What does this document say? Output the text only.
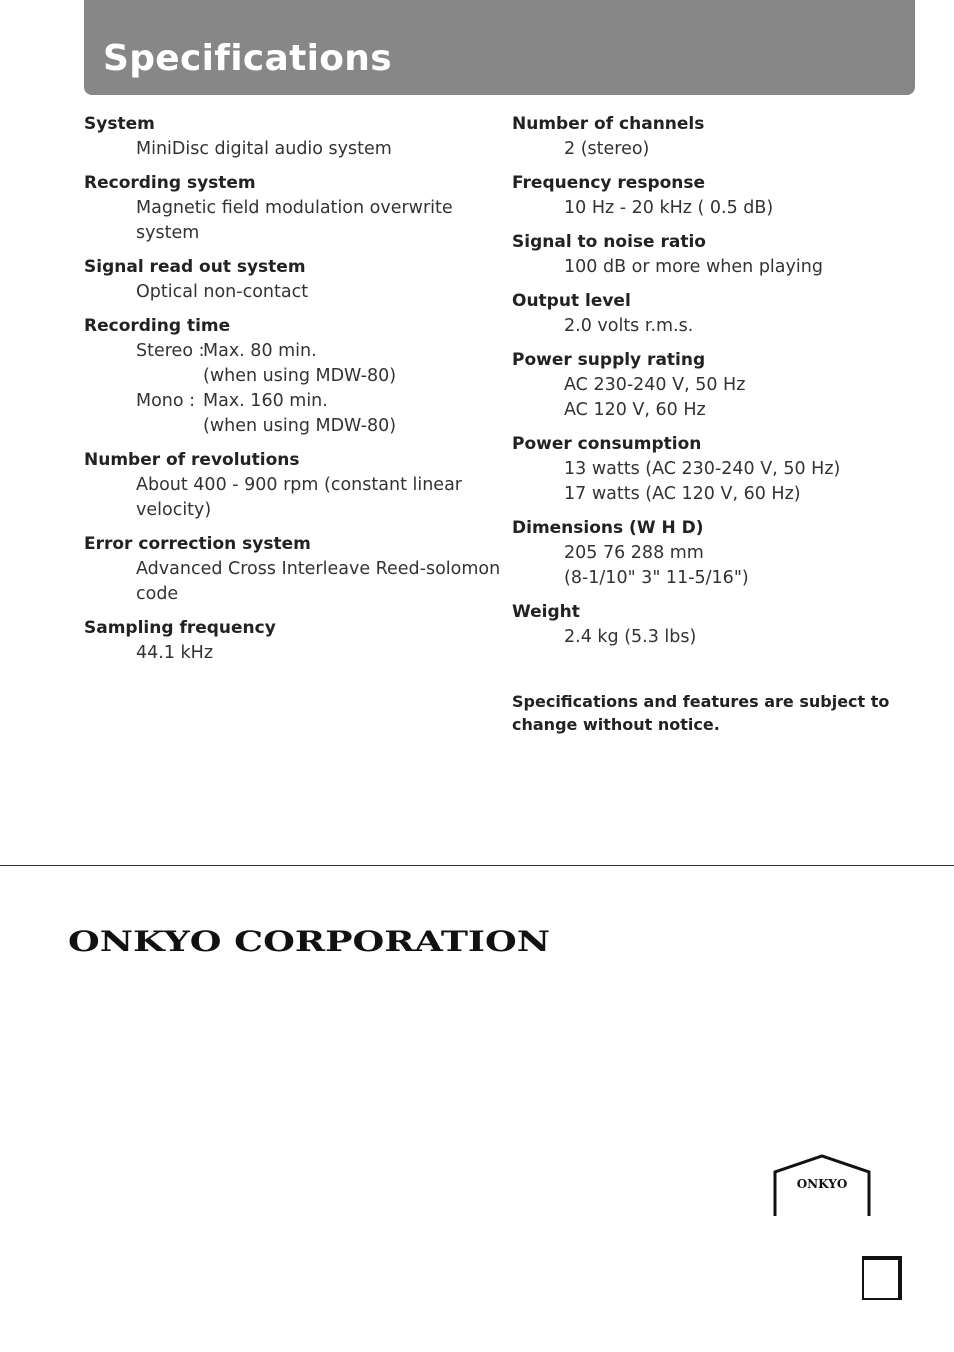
Specifications
System
MiniDisc digital audio system
Recording system
Magnetic field modulation overwrite
system
Signal read out system
Optical non-contact
Recording time
Stereo :
Max. 80 min.
(when using MDW-80)
Mono : Max. 160 min.
(when using MDW-80)
Number of revolutions
About 400 - 900 rpm (constant linear
velocity)
Error correction system
Advanced Cross Interleave Reed-solomon
code
Sampling frequency
44.1 kHz
Number of channels
2 (stereo)
Frequency response
10 Hz - 20 kHz ( 0.5 dB)
Signal to noise ratio
100 dB or more when playing
Output level
2.0 volts r.m.s.
Power supply rating
AC 230-240 V, 50 Hz
AC 120 V, 60 Hz
Power consumption
13 watts (AC 230-240 V, 50 Hz)
17 watts (AC 120 V, 60 Hz)
Dimensions (W H D)
205 76 288 mm
(8-1/10" 3" 11-5/16")
Weight
2.4 kg (5.3 lbs)
Specifications and features are subject to change without notice.
ONKYO CORPORATION
ONKYO
